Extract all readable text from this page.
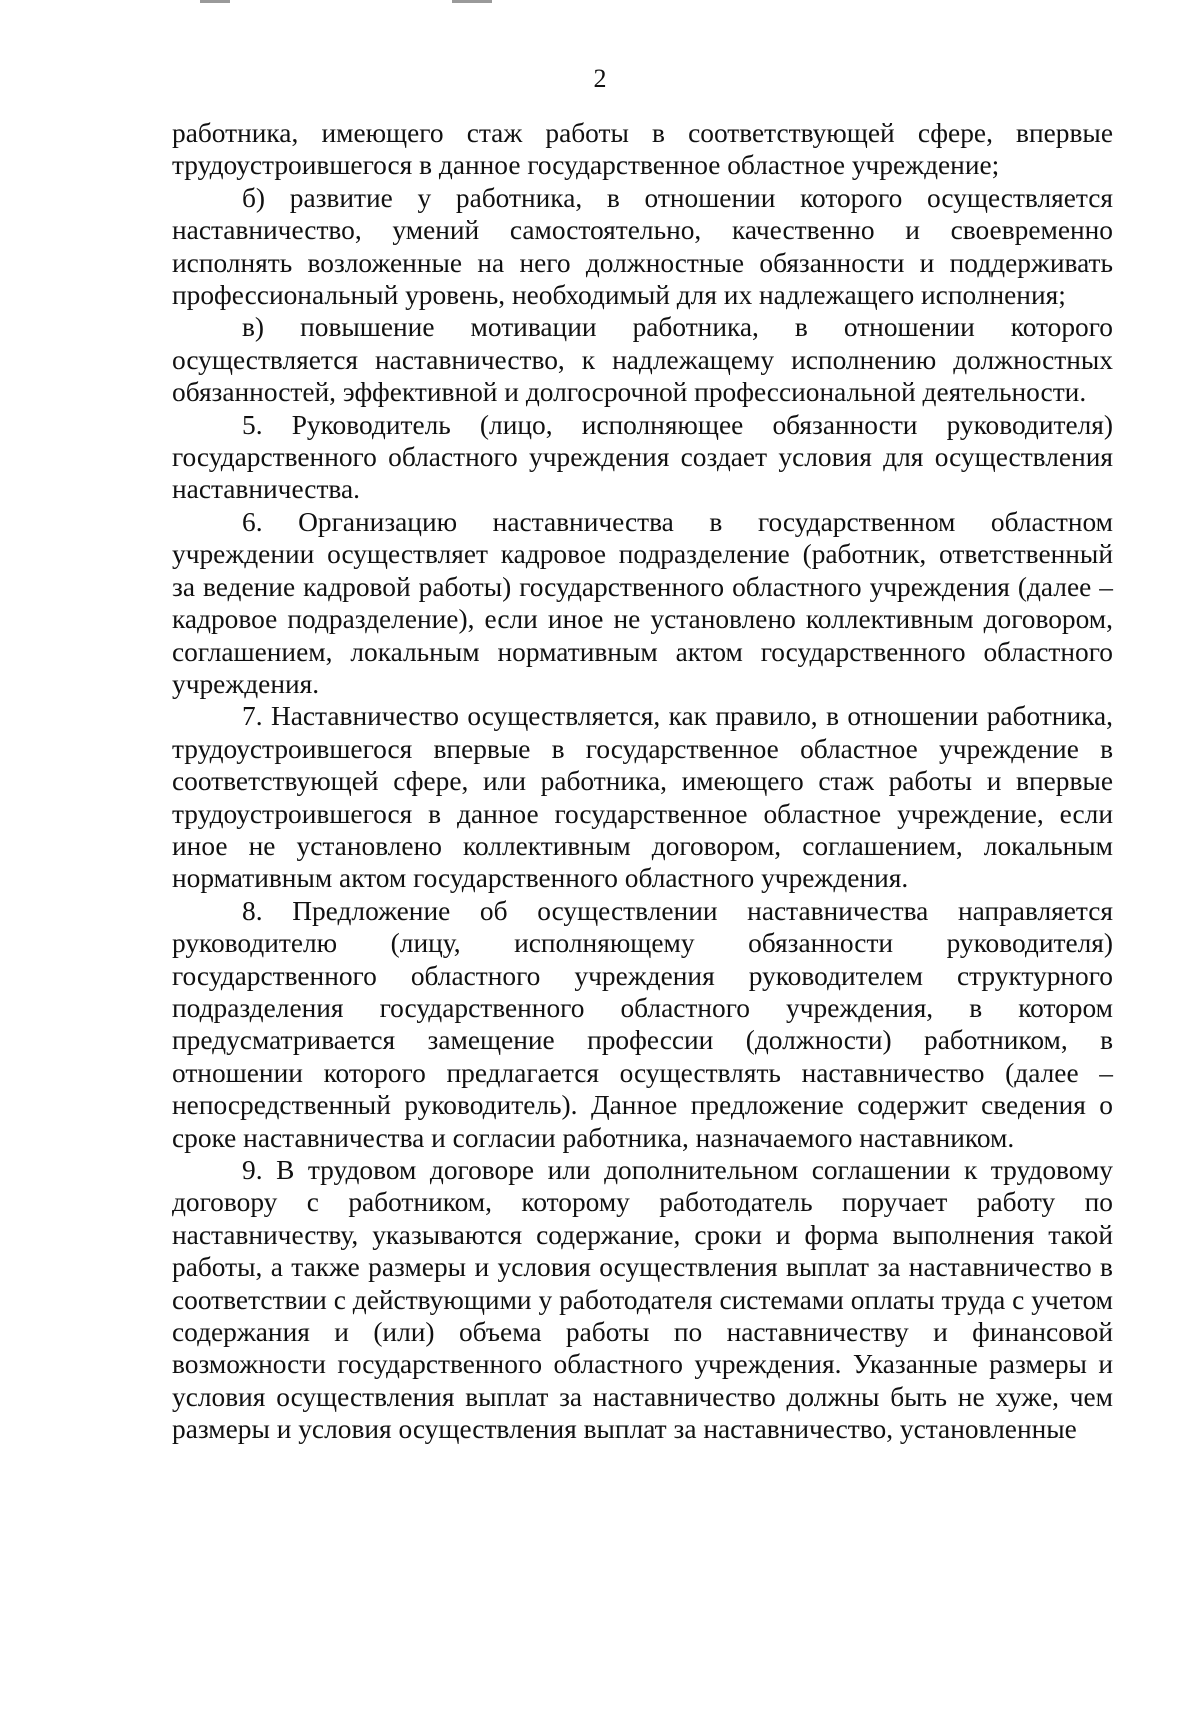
2

работника, имеющего стаж работы в соответствующей сфере, впервые трудоустроившегося в данное государственное областное учреждение;

б) развитие у работника, в отношении которого осуществляется наставничество, умений самостоятельно, качественно и своевременно исполнять возложенные на него должностные обязанности и поддерживать профессиональный уровень, необходимый для их надлежащего исполнения;

в) повышение мотивации работника, в отношении которого осуществляется наставничество, к надлежащему исполнению должностных обязанностей, эффективной и долгосрочной профессиональной деятельности.

5. Руководитель (лицо, исполняющее обязанности руководителя) государственного областного учреждения создает условия для осуществления наставничества.

6. Организацию наставничества в государственном областном учреждении осуществляет кадровое подразделение (работник, ответственный за ведение кадровой работы) государственного областного учреждения (далее – кадровое подразделение), если иное не установлено коллективным договором, соглашением, локальным нормативным актом государственного областного учреждения.

7. Наставничество осуществляется, как правило, в отношении работника, трудоустроившегося впервые в государственное областное учреждение в соответствующей сфере, или работника, имеющего стаж работы и впервые трудоустроившегося в данное государственное областное учреждение, если иное не установлено коллективным договором, соглашением, локальным нормативным актом государственного областного учреждения.

8. Предложение об осуществлении наставничества направляется руководителю (лицу, исполняющему обязанности руководителя) государственного областного учреждения руководителем структурного подразделения государственного областного учреждения, в котором предусматривается замещение профессии (должности) работником, в отношении которого предлагается осуществлять наставничество (далее – непосредственный руководитель). Данное предложение содержит сведения о сроке наставничества и согласии работника, назначаемого наставником.

9. В трудовом договоре или дополнительном соглашении к трудовому договору с работником, которому работодатель поручает работу по наставничеству, указываются содержание, сроки и форма выполнения такой работы, а также размеры и условия осуществления выплат за наставничество в соответствии с действующими у работодателя системами оплаты труда с учетом содержания и (или) объема работы по наставничеству и финансовой возможности государственного областного учреждения. Указанные размеры и условия осуществления выплат за наставничество должны быть не хуже, чем размеры и условия осуществления выплат за наставничество, установленные
